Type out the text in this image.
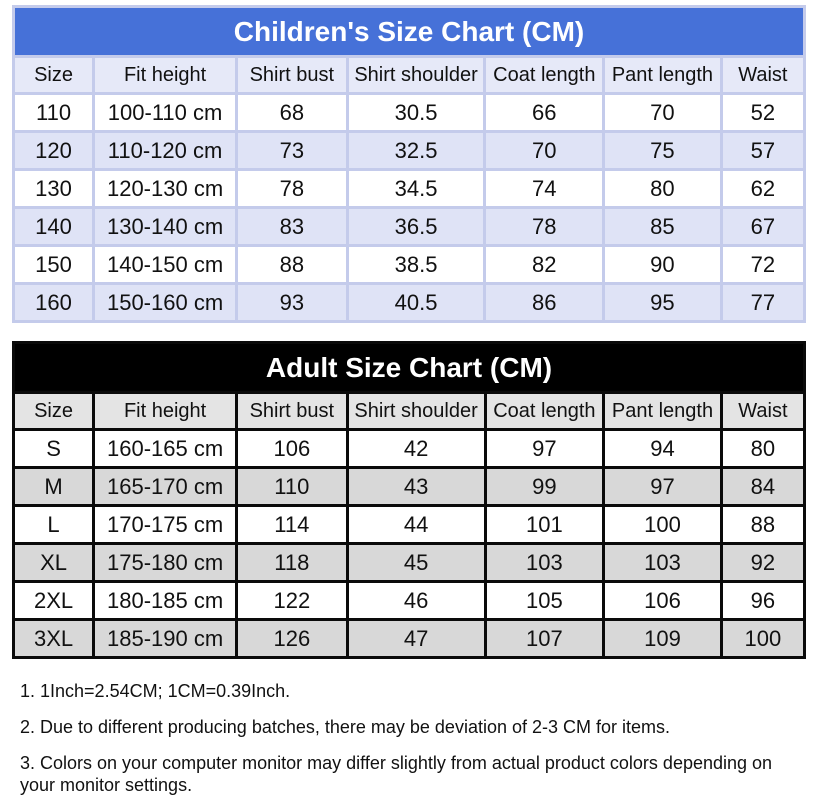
Children's Size Chart (CM)						
Size	Fit height	Shirt bust	Shirt shoulder	Coat length	Pant length	Waist
110	100-110 cm	68	30.5	66	70	52
120	110-120 cm	73	32.5	70	75	57
130	120-130 cm	78	34.5	74	80	62
140	130-140 cm	83	36.5	78	85	67
150	140-150 cm	88	38.5	82	90	72
160	150-160 cm	93	40.5	86	95	77
Adult Size Chart (CM)						
Size	Fit height	Shirt bust	Shirt shoulder	Coat length	Pant length	Waist
S	160-165 cm	106	42	97	94	80
M	165-170 cm	110	43	99	97	84
L	170-175 cm	114	44	101	100	88
XL	175-180 cm	118	45	103	103	92
2XL	180-185 cm	122	46	105	106	96
3XL	185-190 cm	126	47	107	109	100

1. 1Inch=2.54CM; 1CM=0.39Inch.

2. Due to different producing batches, there may be deviation of 2-3 CM for items.

3. Colors on your computer monitor may differ slightly from actual product colors depending on your monitor settings.
